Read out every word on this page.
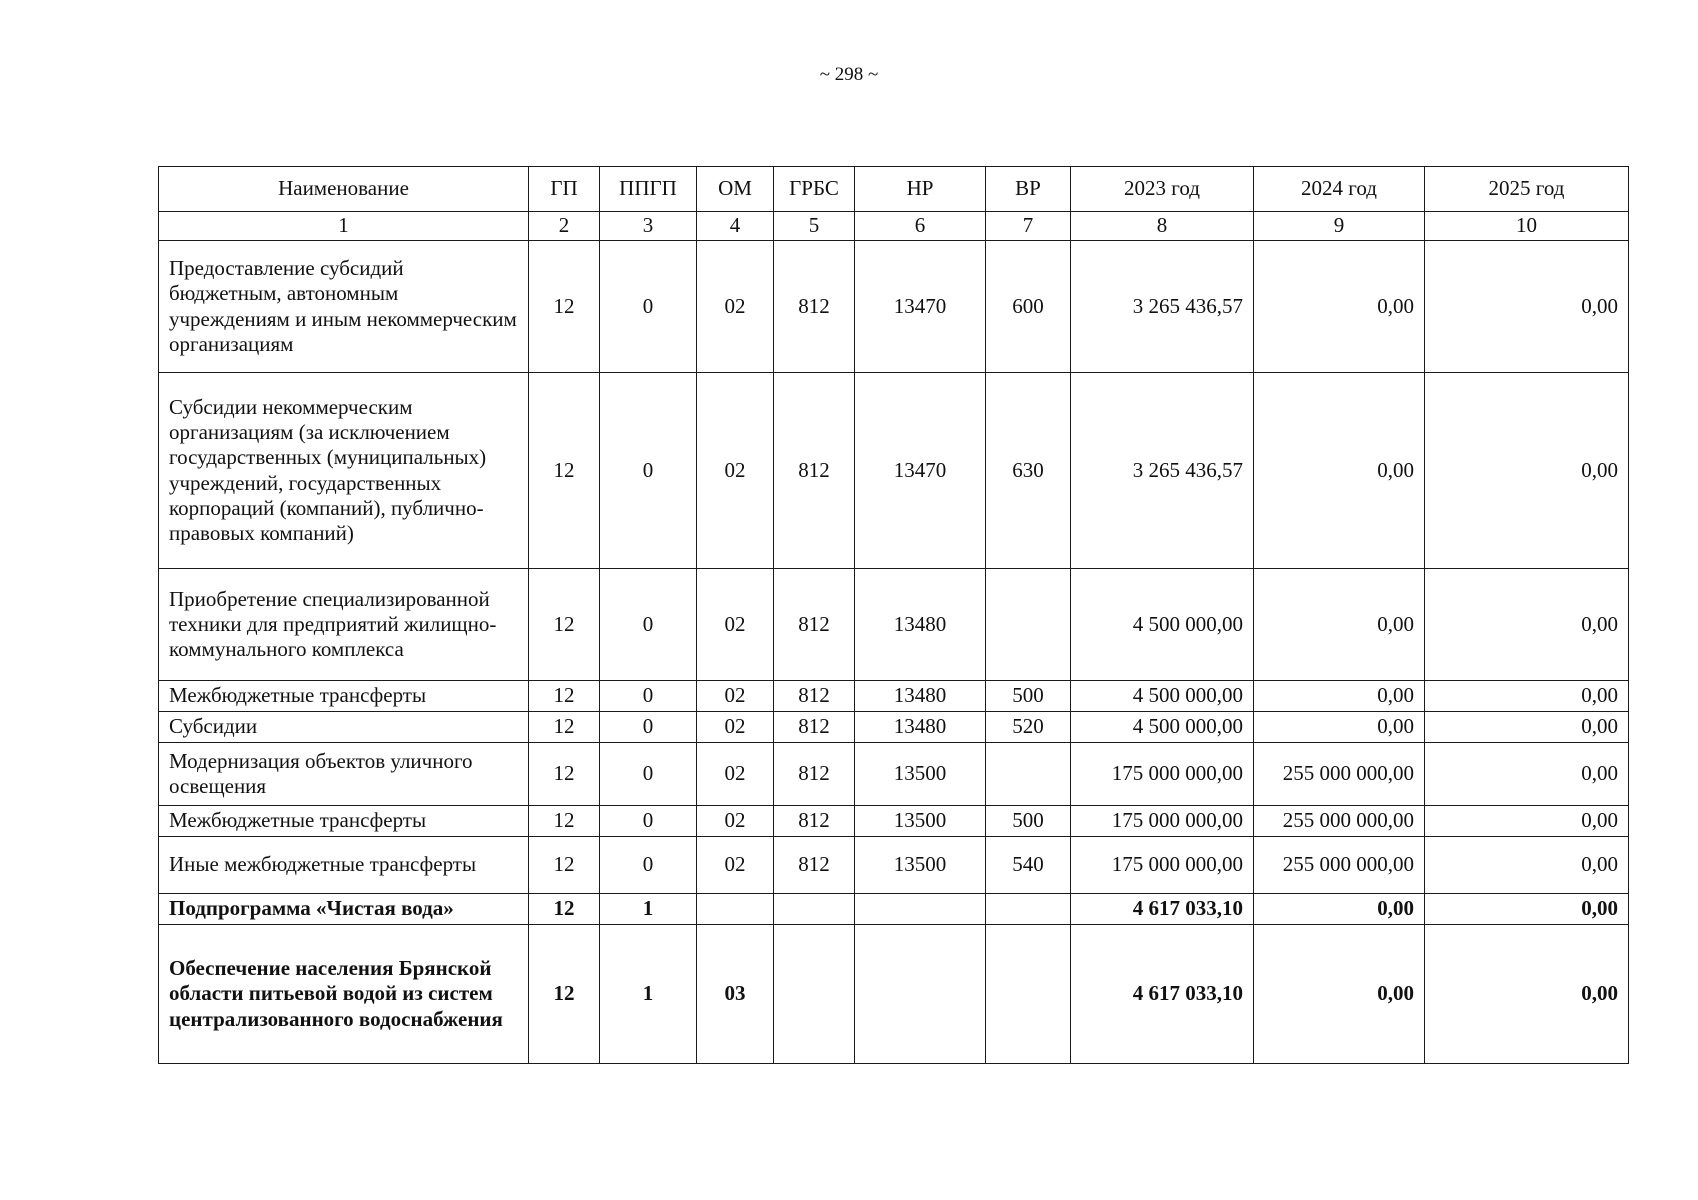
~ 298 ~
Наименование	ГП	ППГП	ОМ	ГРБС	НР	ВР	2023 год	2024 год	2025 год
1	2	3	4	5	6	7	8	9	10
Предоставление субсидий бюджетным, автономным учреждениям и иным некоммерческим организациям	12	0	02	812	13470	600	3 265 436,57	0,00	0,00
Субсидии некоммерческим организациям (за исключением государственных (муниципальных) учреждений, государственных корпораций (компаний), публично-правовых компаний)	12	0	02	812	13470	630	3 265 436,57	0,00	0,00
Приобретение специализированной техники для предприятий жилищно-коммунального комплекса	12	0	02	812	13480		4 500 000,00	0,00	0,00
Межбюджетные трансферты	12	0	02	812	13480	500	4 500 000,00	0,00	0,00
Субсидии	12	0	02	812	13480	520	4 500 000,00	0,00	0,00
Модернизация объектов уличного освещения	12	0	02	812	13500		175 000 000,00	255 000 000,00	0,00
Межбюджетные трансферты	12	0	02	812	13500	500	175 000 000,00	255 000 000,00	0,00
Иные межбюджетные трансферты	12	0	02	812	13500	540	175 000 000,00	255 000 000,00	0,00
Подпрограмма «Чистая вода»	12	1					4 617 033,10	0,00	0,00
Обеспечение населения Брянской области питьевой водой из систем централизованного водоснабжения	12	1	03				4 617 033,10	0,00	0,00
